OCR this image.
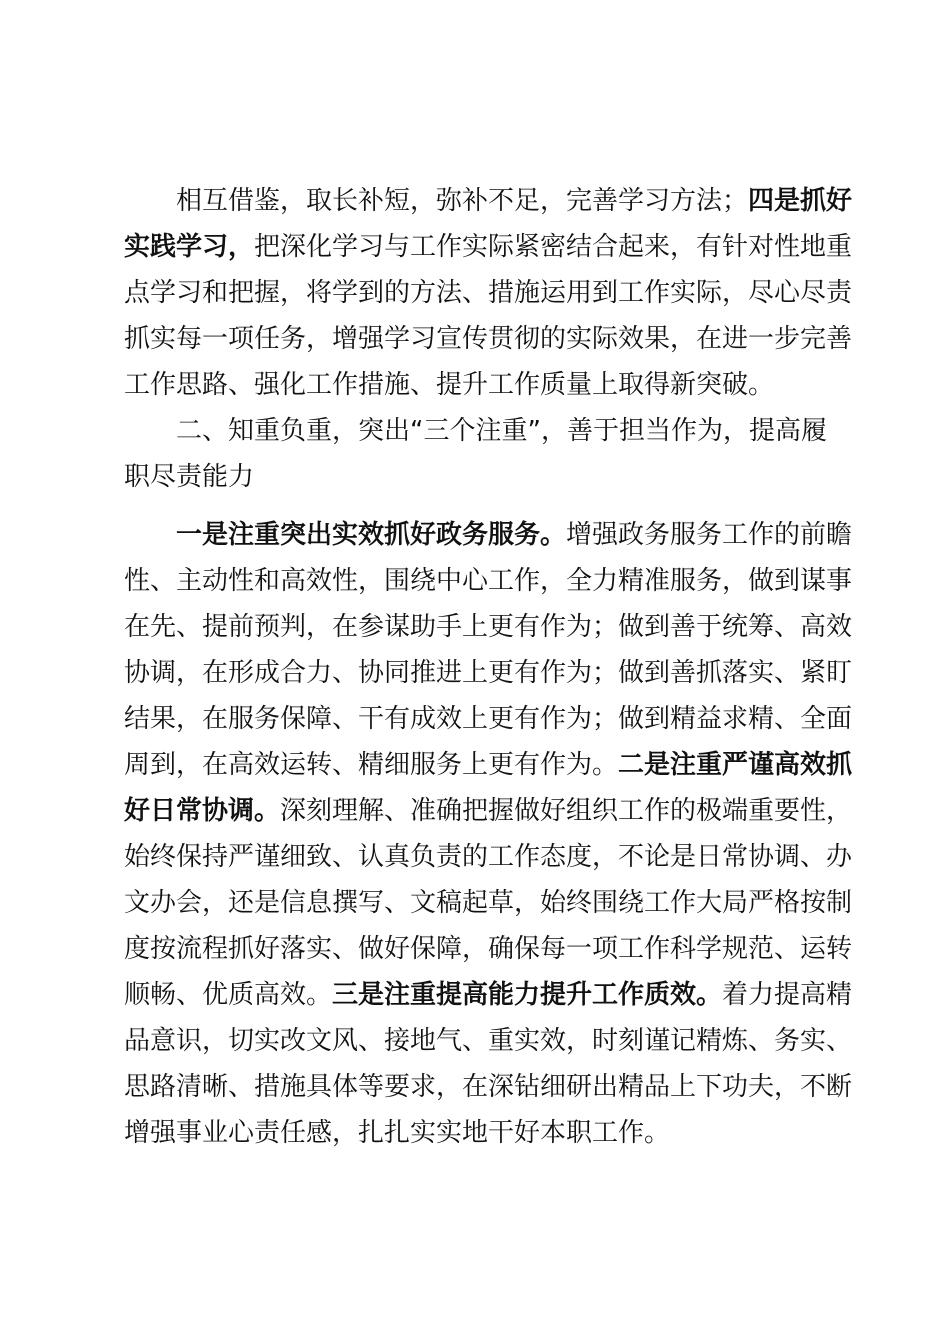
相互借鉴，取长补短，弥补不足，完善学习方法；四是抓好
实践学习，把深化学习与工作实际紧密结合起来，有针对性地重
点学习和把握，将学到的方法、措施运用到工作实际，尽心尽责
抓实每一项任务，增强学习宣传贯彻的实际效果，在进一步完善
工作思路、强化工作措施、提升工作质量上取得新突破。
二、知重负重，突出“三个注重”，善于担当作为，提高履
职尽责能力
一是注重突出实效抓好政务服务。增强政务服务工作的前瞻
性、主动性和高效性，围绕中心工作，全力精准服务，做到谋事
在先、提前预判，在参谋助手上更有作为；做到善于统筹、高效
协调，在形成合力、协同推进上更有作为；做到善抓落实、紧盯
结果，在服务保障、干有成效上更有作为；做到精益求精、全面
周到，在高效运转、精细服务上更有作为。二是注重严谨高效抓
好日常协调。深刻理解、准确把握做好组织工作的极端重要性，
始终保持严谨细致、认真负责的工作态度，不论是日常协调、办
文办会，还是信息撰写、文稿起草，始终围绕工作大局严格按制
度按流程抓好落实、做好保障，确保每一项工作科学规范、运转
顺畅、优质高效。三是注重提高能力提升工作质效。着力提高精
品意识，切实改文风、接地气、重实效，时刻谨记精炼、务实、
思路清晰、措施具体等要求，在深钻细研出精品上下功夫，不断
增强事业心责任感，扎扎实实地干好本职工作。
